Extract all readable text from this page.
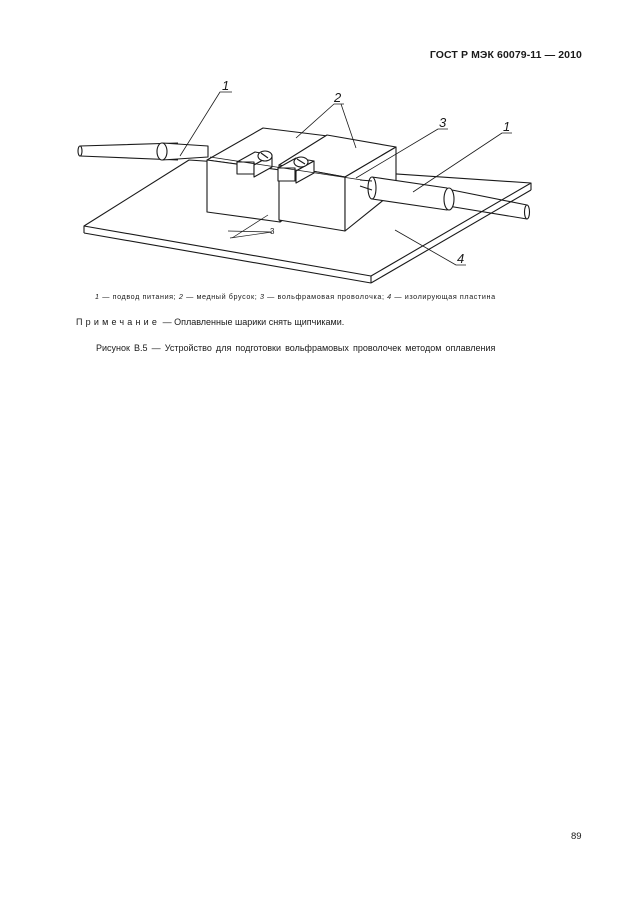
ГОСТ Р МЭК 60079-11 — 2010
1
2
3	1
4
3
1 — подвод питания; 2 — медный брусок; 3 — вольфрамовая проволочка; 4 — изолирующая пластина
Примечание — Оплавленные шарики снять щипчиками.
Рисунок В.5 — Устройство для подготовки вольфрамовых проволочек методом оплавления
89
